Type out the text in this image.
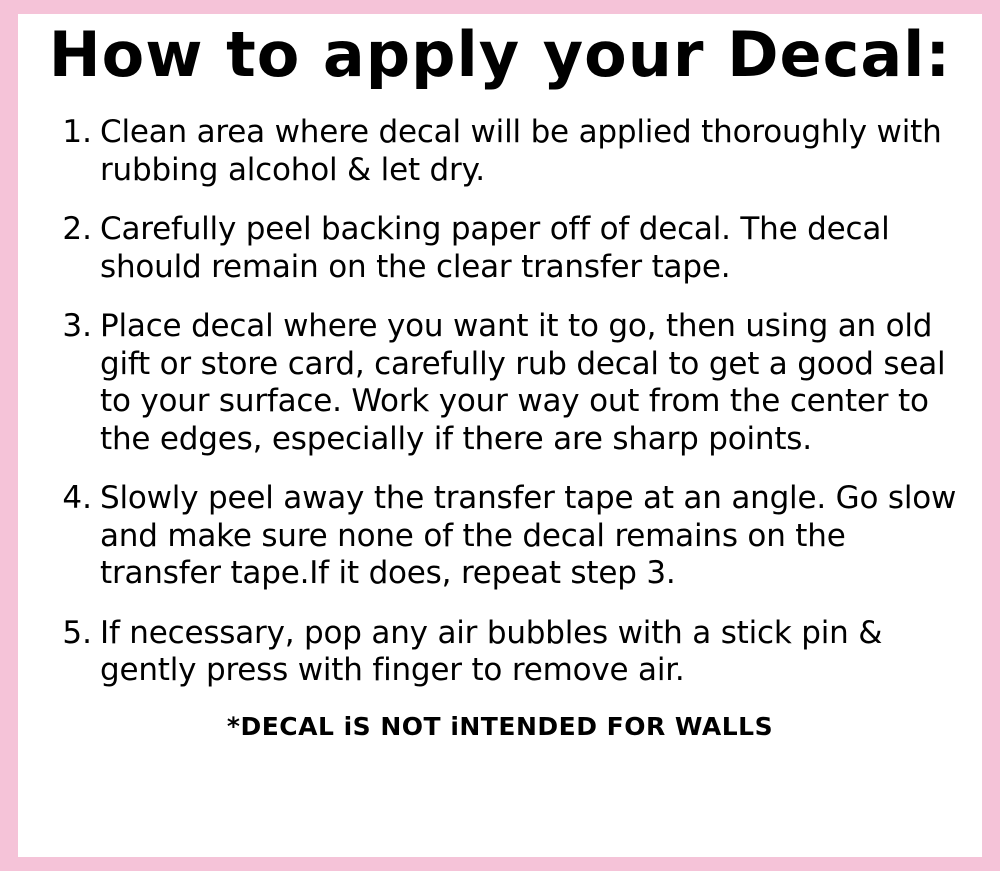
How to apply your Decal:
1. Clean area where decal will be applied thoroughly with rubbing alcohol & let dry.
2. Carefully peel backing paper off of decal. The decal should remain on the clear transfer tape.
3. Place decal where you want it to go, then using an old gift or store card, carefully rub decal to get a good seal to your surface. Work your way out from the center to the edges, especially if there are sharp points.
4. Slowly peel away the transfer tape at an angle. Go slow and make sure none of the decal remains on the transfer tape.If it does, repeat step 3.
5. If necessary, pop any air bubbles with a stick pin & gently press with finger to remove air.
*DECAL iS NOT iNTENDED FOR WALLS
